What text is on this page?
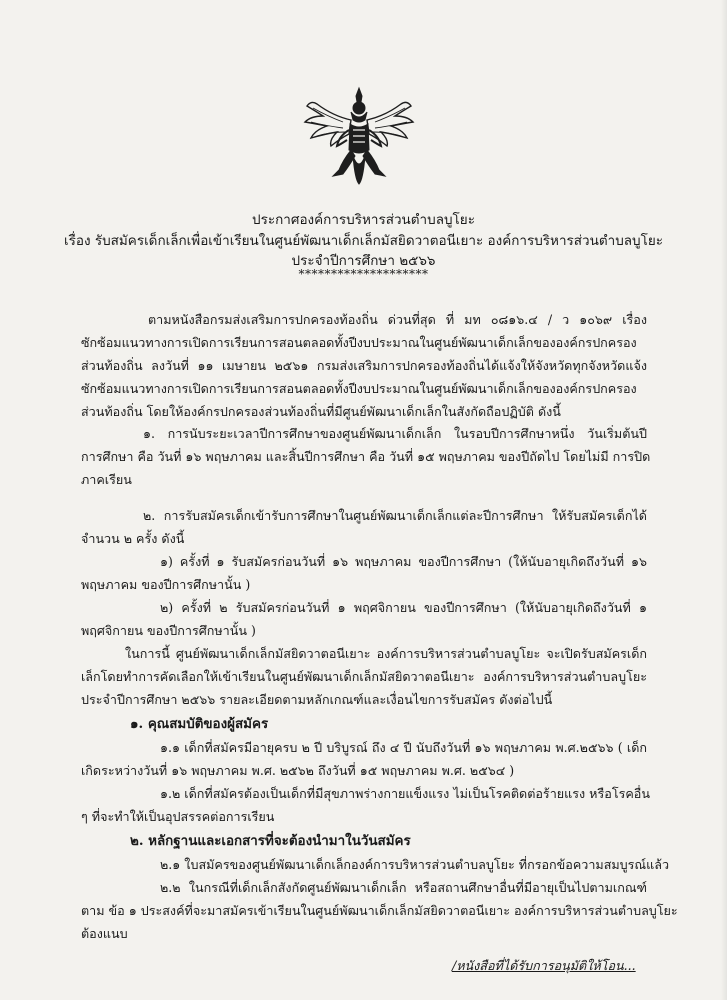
ประกาศองค์การบริหารส่วนตำบลบูโยะ
เรื่อง รับสมัครเด็กเล็กเพื่อเข้าเรียนในศูนย์พัฒนาเด็กเล็กมัสยิดวาตอนีเยาะ องค์การบริหารส่วนตำบลบูโยะ
ประจำปีการศึกษา ๒๕๖๖
********************
ตามหนังสือกรมส่งเสริมการปกครองท้องถิ่น ด่วนที่สุด ที่ มท ๐๘๑๖.๔ / ว ๑๐๖๙ เรื่อง
ซักซ้อมแนวทางการเปิดการเรียนการสอนตลอดทั้งปีงบประมาณในศูนย์พัฒนาเด็กเล็กขององค์กรปกครอง
ส่วนท้องถิ่น ลงวันที่ ๑๑ เมษายน ๒๕๖๑ กรมส่งเสริมการปกครองท้องถิ่นได้แจ้งให้จังหวัดทุกจังหวัดแจ้ง
ซักซ้อมแนวทางการเปิดการเรียนการสอนตลอดทั้งปีงบประมาณในศูนย์พัฒนาเด็กเล็กขององค์กรปกครอง
ส่วนท้องถิ่น โดยให้องค์กรปกครองส่วนท้องถิ่นที่มีศูนย์พัฒนาเด็กเล็กในสังกัดถือปฏิบัติ ดังนี้
๑. การนับระยะเวลาปีการศึกษาของศูนย์พัฒนาเด็กเล็ก ในรอบปีการศึกษาหนึ่ง วันเริ่มต้นปี
การศึกษา คือ วันที่ ๑๖ พฤษภาคม และสิ้นปีการศึกษา คือ วันที่ ๑๕ พฤษภาคม ของปีถัดไป โดยไม่มี การปิด
ภาคเรียน
๒. การรับสมัครเด็กเข้ารับการศึกษาในศูนย์พัฒนาเด็กเล็กแต่ละปีการศึกษา ให้รับสมัครเด็กได้
จำนวน ๒ ครั้ง ดังนี้
๑) ครั้งที่ ๑ รับสมัครก่อนวันที่ ๑๖ พฤษภาคม ของปีการศึกษา (ให้นับอายุเกิดถึงวันที่ ๑๖
พฤษภาคม ของปีการศึกษานั้น )
๒) ครั้งที่ ๒ รับสมัครก่อนวันที่ ๑ พฤศจิกายน ของปีการศึกษา (ให้นับอายุเกิดถึงวันที่ ๑
พฤศจิกายน ของปีการศึกษานั้น )
ในการนี้ ศูนย์พัฒนาเด็กเล็กมัสยิดวาตอนีเยาะ องค์การบริหารส่วนตำบลบูโยะ จะเปิดรับสมัครเด็ก
เล็กโดยทำการคัดเลือกให้เข้าเรียนในศูนย์พัฒนาเด็กเล็กมัสยิดวาตอนีเยาะ องค์การบริหารส่วนตำบลบูโยะ
ประจำปีการศึกษา ๒๕๖๖ รายละเอียดตามหลักเกณฑ์และเงื่อนไขการรับสมัคร ดังต่อไปนี้
๑. คุณสมบัติของผู้สมัคร
๑.๑ เด็กที่สมัครมีอายุครบ ๒ ปี บริบูรณ์ ถึง ๔ ปี นับถึงวันที่ ๑๖ พฤษภาคม พ.ศ.๒๕๖๖ ( เด็ก
เกิดระหว่างวันที่ ๑๖ พฤษภาคม พ.ศ. ๒๕๖๒ ถึงวันที่ ๑๕ พฤษภาคม พ.ศ. ๒๕๖๔ )
๑.๒ เด็กที่สมัครต้องเป็นเด็กที่มีสุขภาพร่างกายแข็งแรง ไม่เป็นโรคติดต่อร้ายแรง หรือโรคอื่น
ๆ ที่จะทำให้เป็นอุปสรรคต่อการเรียน
๒. หลักฐานและเอกสารที่จะต้องนำมาในวันสมัคร
๒.๑ ใบสมัครของศูนย์พัฒนาเด็กเล็กองค์การบริหารส่วนตำบลบูโยะ ที่กรอกข้อความสมบูรณ์แล้ว
๒.๒ ในกรณีที่เด็กเล็กสังกัดศูนย์พัฒนาเด็กเล็ก หรือสถานศึกษาอื่นที่มีอายุเป็นไปตามเกณฑ์
ตาม ข้อ ๑ ประสงค์ที่จะมาสมัครเข้าเรียนในศูนย์พัฒนาเด็กเล็กมัสยิดวาตอนีเยาะ องค์การบริหารส่วนตำบลบูโยะ
ต้องแนบ
/หนังสือที่ได้รับการอนุมัติให้โอน...
